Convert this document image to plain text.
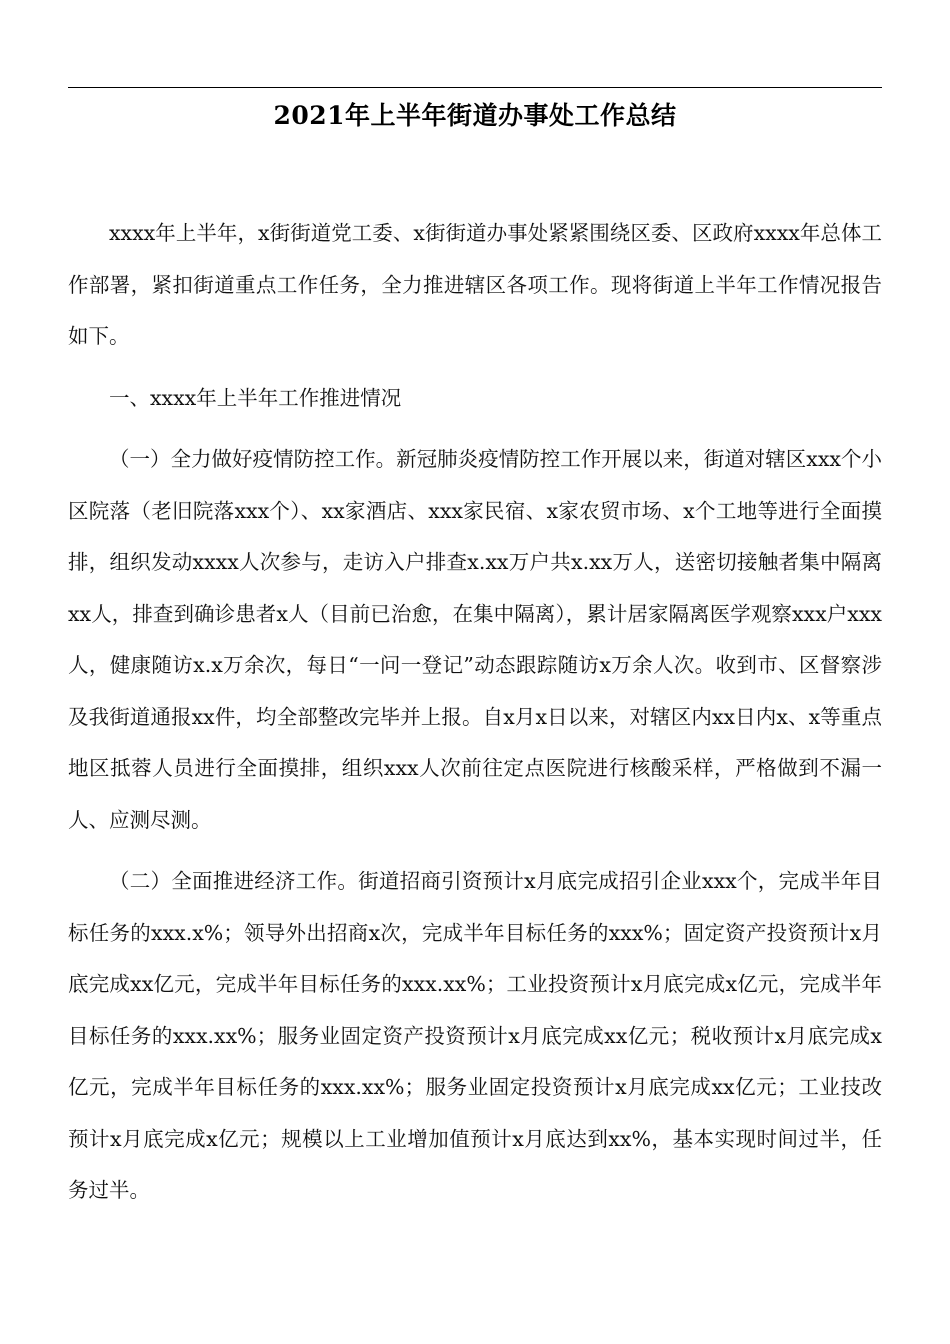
2021年上半年街道办事处工作总结

xxxx年上半年，x街街道党工委、x街街道办事处紧紧围绕区委、区政府xxxx年总体工作部署，紧扣街道重点工作任务，全力推进辖区各项工作。现将街道上半年工作情况报告如下。

一、xxxx年上半年工作推进情况

（一）全力做好疫情防控工作。新冠肺炎疫情防控工作开展以来，街道对辖区xxx个小区院落（老旧院落xxx个）、xx家酒店、xxx家民宿、x家农贸市场、x个工地等进行全面摸排，组织发动xxxx人次参与，走访入户排查x.xx万户共x.xx万人，送密切接触者集中隔离xx人，排查到确诊患者x人（目前已治愈，在集中隔离），累计居家隔离医学观察xxx户xxx人，健康随访x.x万余次，每日“一问一登记”动态跟踪随访x万余人次。收到市、区督察涉及我街道通报xx件，均全部整改完毕并上报。自x月x日以来，对辖区内xx日内x、x等重点地区抵蓉人员进行全面摸排，组织xxx人次前往定点医院进行核酸采样，严格做到不漏一人、应测尽测。

（二）全面推进经济工作。街道招商引资预计x月底完成招引企业xxx个，完成半年目标任务的xxx.x%；领导外出招商x次，完成半年目标任务的xxx%；固定资产投资预计x月底完成xx亿元，完成半年目标任务的xxx.xx%；工业投资预计x月底完成x亿元，完成半年目标任务的xxx.xx%；服务业固定资产投资预计x月底完成xx亿元；税收预计x月底完成x亿元，完成半年目标任务的xxx.xx%；服务业固定投资预计x月底完成xx亿元；工业技改预计x月底完成x亿元；规模以上工业增加值预计x月底达到xx%，基本实现时间过半，任务过半。
